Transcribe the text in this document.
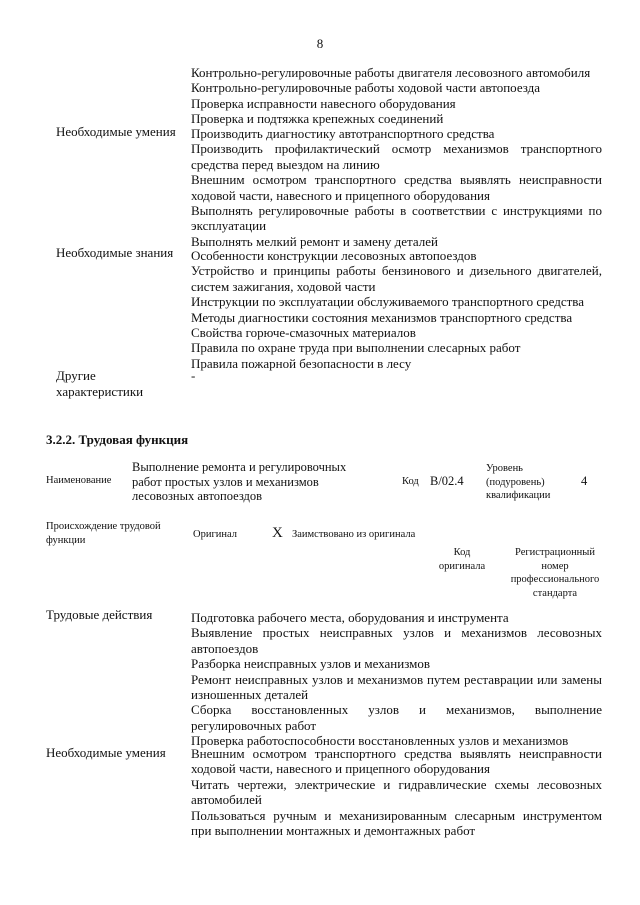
8
Контрольно-регулировочные работы двигателя лесовозного автомобиля
Контрольно-регулировочные работы ходовой части автопоезда
Проверка исправности навесного оборудования
Проверка и подтяжка крепежных соединений
Необходимые умения Производить диагностику автотранспортного средства
Производить профилактический осмотр механизмов транспортного средства перед выездом на линию
Внешним осмотром транспортного средства выявлять неисправности ходовой части, навесного и прицепного оборудования
Выполнять регулировочные работы в соответствии с инструкциями по эксплуатации
Выполнять мелкий ремонт и замену деталей
Необходимые знания Особенности конструкции лесовозных автопоездов
Устройство и принципы работы бензинового и дизельного двигателей, систем зажигания, ходовой части
Инструкции по эксплуатации обслуживаемого транспортного средства
Методы диагностики состояния механизмов транспортного средства
Свойства горюче-смазочных материалов
Правила по охране труда при выполнении слесарных работ
Правила пожарной безопасности в лесу
Другие характеристики
-
3.2.2. Трудовая функция
Наименование
Выполнение ремонта и регулировочных работ простых узлов и механизмов лесовозных автопоездов
Код В/02.4
Уровень (подуровень) квалификации
4
Происхождение трудовой функции	Оригинал X Заимствовано из оригинала
Код оригинала
Регистрационный номер профессионального стандарта
Трудовые действия	Подготовка рабочего места, оборудования и инструмента
Выявление простых неисправных узлов и механизмов лесовозных автопоездов
Разборка неисправных узлов и механизмов
Ремонт неисправных узлов и механизмов путем реставрации или замены изношенных деталей
Сборка восстановленных узлов и механизмов, выполнение регулировочных работ
Проверка работоспособности восстановленных узлов и механизмов
Необходимые умения Внешним осмотром транспортного средства выявлять неисправности ходовой части, навесного и прицепного оборудования
Читать чертежи, электрические и гидравлические схемы лесовозных автомобилей
Пользоваться ручным и механизированным слесарным инструментом при выполнении монтажных и демонтажных работ
